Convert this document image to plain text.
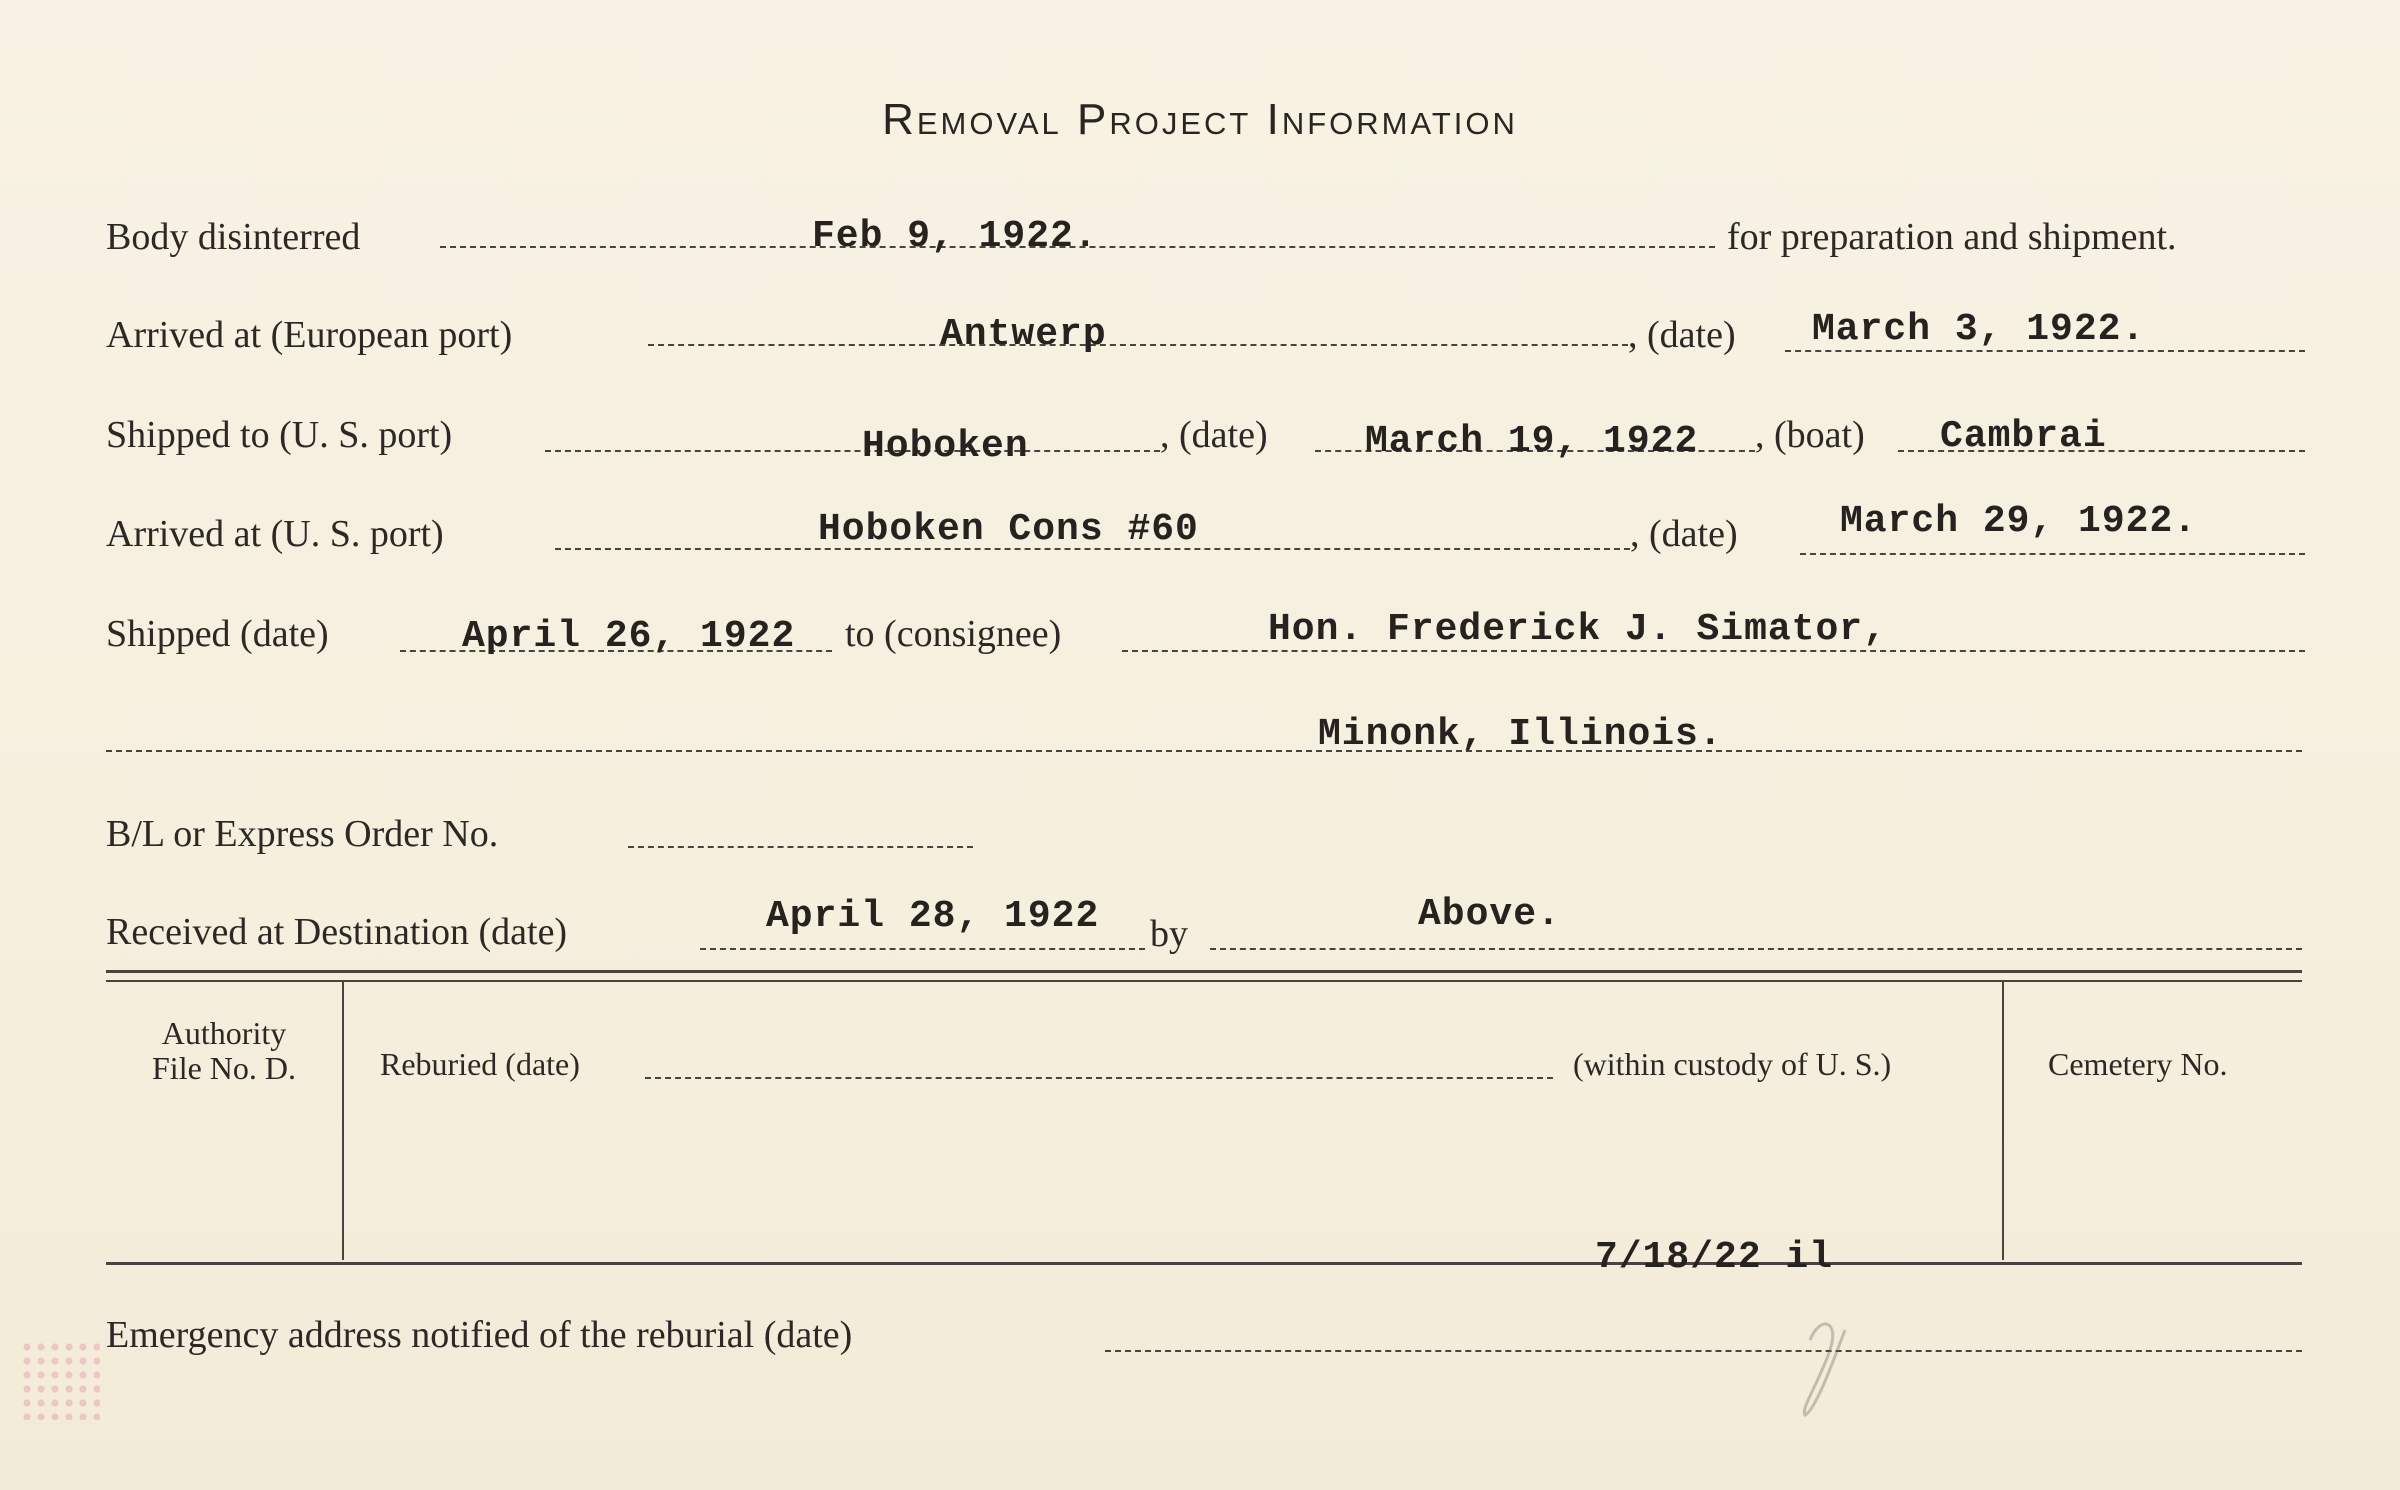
Removal Project Information
Body disinterred	Feb 9, 1922.	for preparation and shipment.
Arrived at (European port)	Antwerp	, (date) March 3, 1922.
Shipped to (U. S. port)	Hoboken	, (date)	March 19, 1922 , (boat) Cambrai
Arrived at (U. S. port)	Hoboken Cons #60	, (date)	March 29, 1922.
Shipped (date)	April 26, 1922 to (consignee)	Hon. Frederick J. Simator,
Minonk, Illinois.
B/L or Express Order No.
Received at Destination (date)	April 28, 1922 by	Above.
Authority
File No. D.	Reburied (date)	(within custody of U. S.)	Cemetery No.
7/18/22 il
Emergency address notified of the reburial (date)
